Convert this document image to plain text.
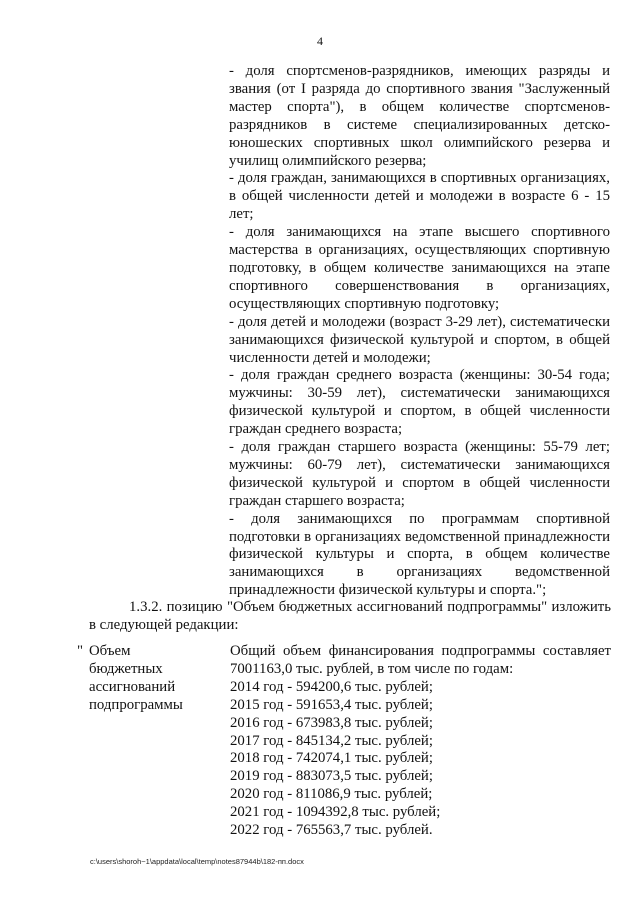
4

- доля спортсменов-разрядников, имеющих разряды и звания (от I разряда до спортивного звания "Заслуженный мастер спорта"), в общем количестве спортсменов-разрядников в системе специализированных детско-юношеских спортивных школ олимпийского резерва и училищ олимпийского резерва;

- доля граждан, занимающихся в спортивных организациях, в общей численности детей и молодежи в возрасте 6 - 15 лет;

- доля занимающихся на этапе высшего спортивного мастерства в организациях, осуществляющих спортивную подготовку, в общем количестве занимающихся на этапе спортивного совершенствования в организациях, осуществляющих спортивную подготовку;

- доля детей и молодежи (возраст 3-29 лет), систематически занимающихся физической культурой и спортом, в общей численности детей и молодежи;

- доля граждан среднего возраста (женщины: 30-54 года; мужчины: 30-59 лет), систематически занимающихся физической культурой и спортом, в общей численности граждан среднего возраста;

- доля граждан старшего возраста (женщины: 55-79 лет; мужчины: 60-79 лет), систематически занимающихся физической культурой и спортом в общей численности граждан старшего возраста;

- доля занимающихся по программам спортивной подготовки в организациях ведомственной принадлежности физической культуры и спорта, в общем количестве занимающихся в организациях ведомственной принадлежности физической культуры и спорта.";

1.3.2. позицию "Объем бюджетных ассигнований подпрограммы" изложить в следующей редакции:

" Объем
бюджетных
ассигнований
подпрограммы

Общий объем финансирования подпрограммы составляет 7001163,0 тыс. рублей, в том числе по годам:

2014 год - 594200,6 тыс. рублей;

2015 год - 591653,4 тыс. рублей;

2016 год - 673983,8 тыс. рублей;

2017 год - 845134,2 тыс. рублей;

2018 год - 742074,1 тыс. рублей;

2019 год - 883073,5 тыс. рублей;

2020 год - 811086,9 тыс. рублей;

2021 год - 1094392,8 тыс. рублей;

2022 год - 765563,7 тыс. рублей.

c:\users\shoroh~1\appdata\local\temp\notes87944b\182-пп.docx
